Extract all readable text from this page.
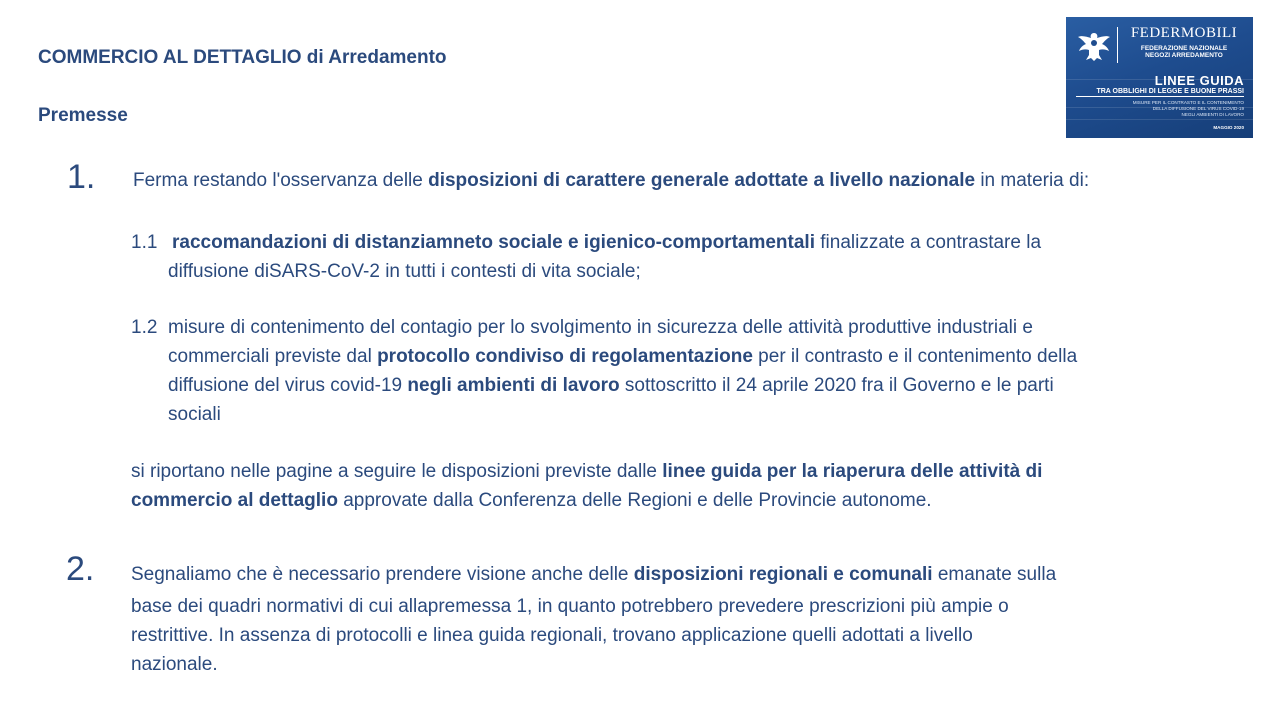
COMMERCIO AL DETTAGLIO di Arredamento
Premesse
FEDERMOBILI
FEDERAZIONE NAZIONALE
NEGOZI ARREDAMENTO
LINEE GUIDA
TRA OBBLIGHI DI LEGGE E BUONE PRASSI
MISURE PER IL CONTRASTO E IL CONTENIMENTO
DELLA DIFFUSIONE DEL VIRUS COVID-19
NEGLI AMBIENTI DI LAVORO
MAGGIO 2020
1. Ferma restando l'osservanza delle disposizioni di carattere generale adottate a livello nazionale in materia di:

1.1 raccomandazioni di distanziamneto sociale e igienico-comportamentali finalizzate a contrastare la

diffusione diSARS-CoV-2 in tutti i contesti di vita sociale;

1.2 misure di contenimento del contagio per lo svolgimento in sicurezza delle attività produttive industriali e

commerciali previste dal protocollo condiviso di regolamentazione per il contrasto e il contenimento della

diffusione del virus covid-19 negli ambienti di lavoro sottoscritto il 24 aprile 2020 fra il Governo e le parti

sociali

si riportano nelle pagine a seguire le disposizioni previste dalle linee guida per la riaperura delle attività di

commercio al dettaglio approvate dalla Conferenza delle Regioni e delle Provincie autonome.

2. Segnaliamo che è necessario prendere visione anche delle disposizioni regionali e comunali emanate sulla

base dei quadri normativi di cui allapremessa 1, in quanto potrebbero prevedere prescrizioni più ampie o

restrittive. In assenza di protocolli e linea guida regionali, trovano applicazione quelli adottati a livello

nazionale.
